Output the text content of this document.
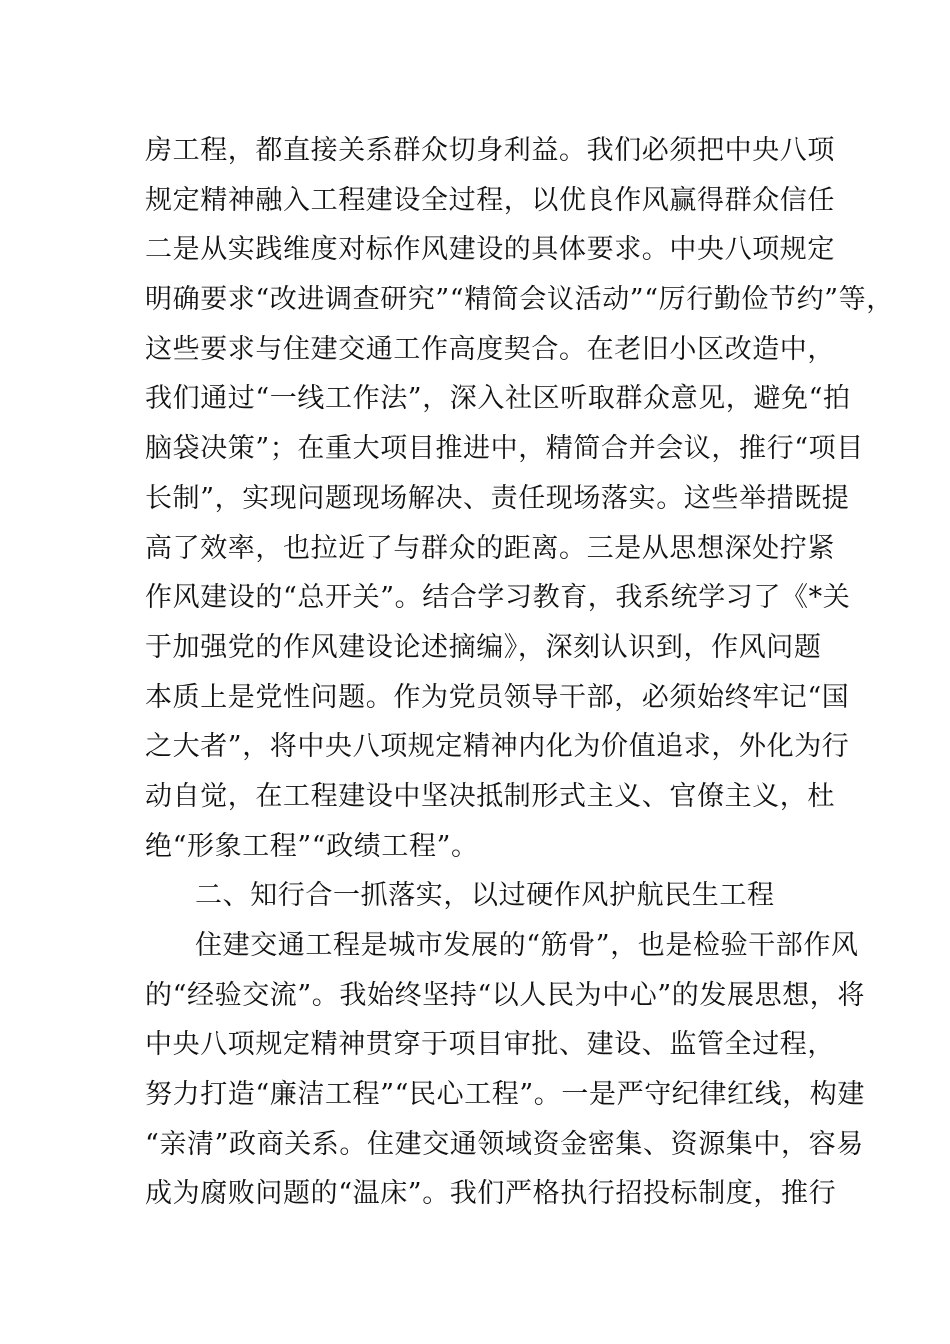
房工程，都直接关系群众切身利益。我们必须把中央八项
规定精神融入工程建设全过程，以优良作风赢得群众信任
二是从实践维度对标作风建设的具体要求。中央八项规定
明确要求“改进调查研究”“精简会议活动”“厉行勤俭节约”等，
这些要求与住建交通工作高度契合。在老旧小区改造中，
我们通过“一线工作法”，深入社区听取群众意见，避免“拍
脑袋决策”；在重大项目推进中，精简合并会议，推行“项目
长制”，实现问题现场解决、责任现场落实。这些举措既提
高了效率，也拉近了与群众的距离。三是从思想深处拧紧
作风建设的“总开关”。结合学习教育，我系统学习了《*关
于加强党的作风建设论述摘编》，深刻认识到，作风问题
本质上是党性问题。作为党员领导干部，必须始终牢记“国
之大者”，将中央八项规定精神内化为价值追求，外化为行
动自觉，在工程建设中坚决抵制形式主义、官僚主义，杜
绝“形象工程”“政绩工程”。
二、知行合一抓落实，以过硬作风护航民生工程
住建交通工程是城市发展的“筋骨”，也是检验干部作风
的“经验交流”。我始终坚持“以人民为中心”的发展思想，将
中央八项规定精神贯穿于项目审批、建设、监管全过程，
努力打造“廉洁工程”“民心工程”。一是严守纪律红线，构建
“亲清”政商关系。住建交通领域资金密集、资源集中，容易
成为腐败问题的“温床”。我们严格执行招投标制度，推行
